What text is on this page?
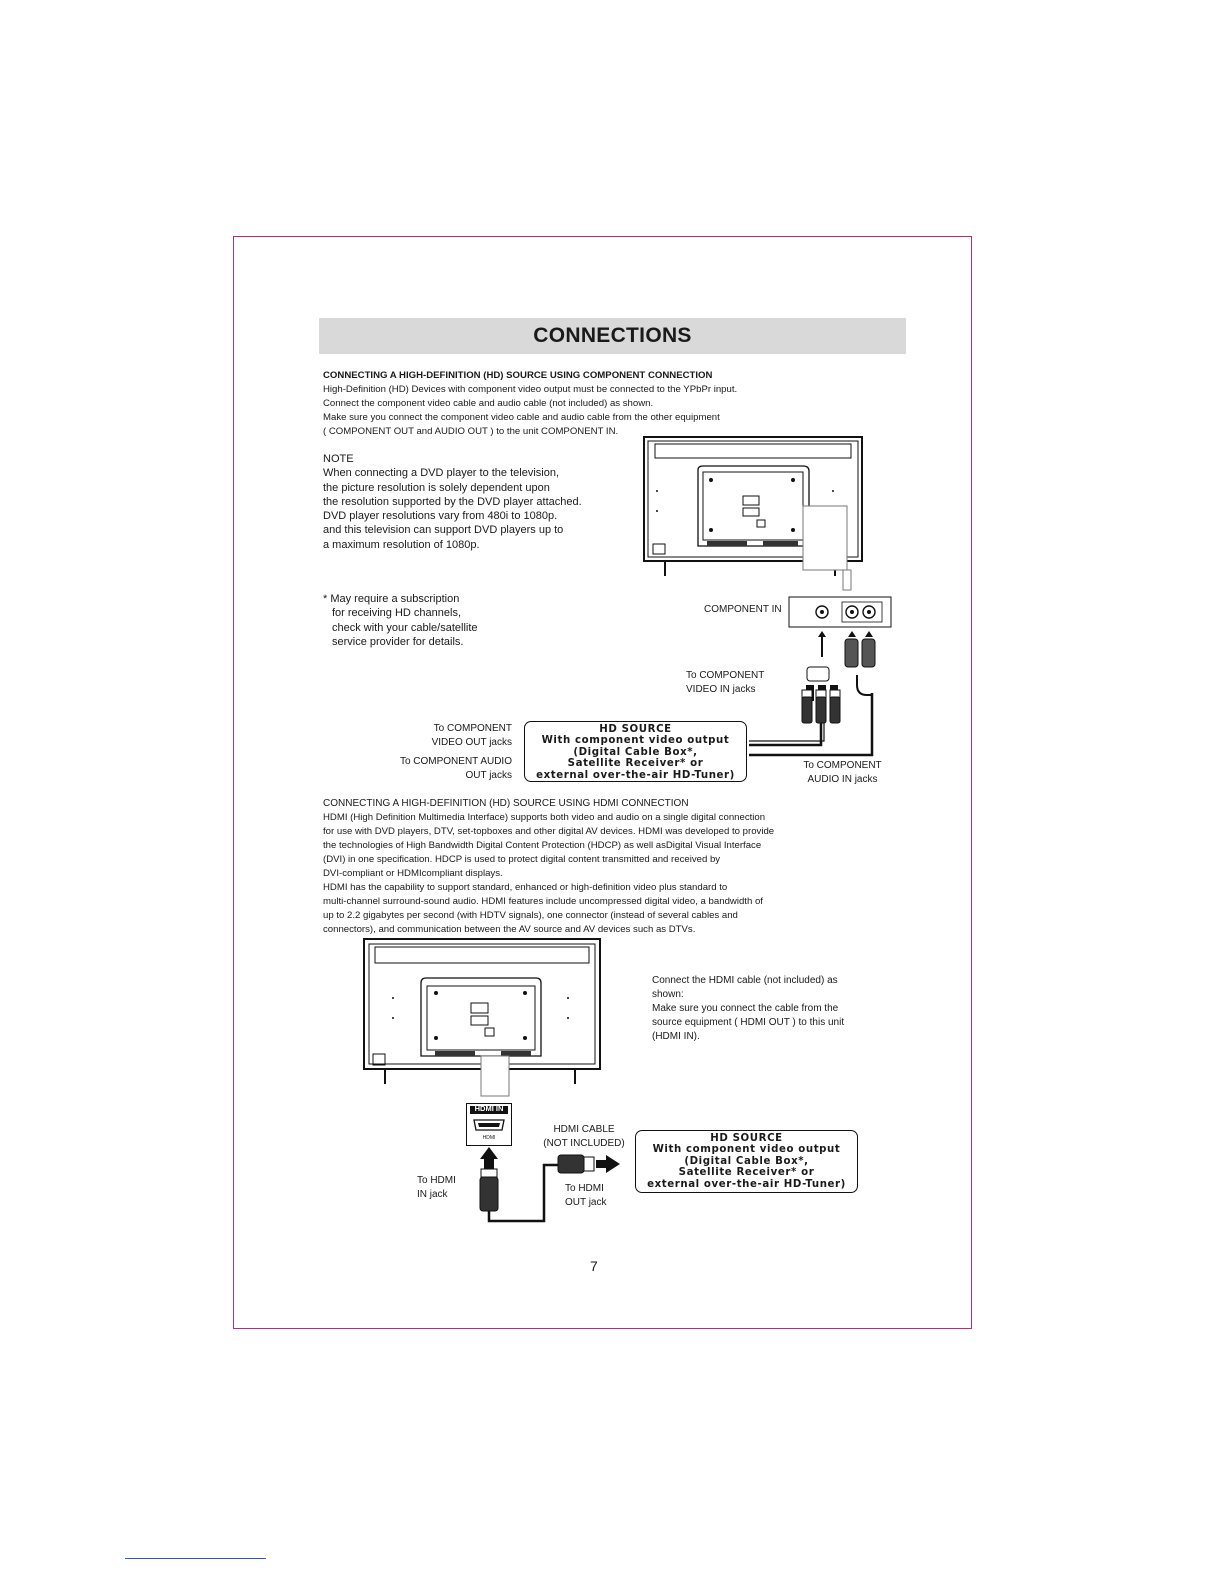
CONNECTIONS

CONNECTING A HIGH-DEFINITION (HD) SOURCE USING COMPONENT CONNECTION

High-Definition (HD) Devices with component video output must be connected to the YPbPr input.

Connect the component video cable and audio cable (not included) as shown.

Make sure you connect the component video cable and audio cable from the other equipment

( COMPONENT OUT and AUDIO OUT ) to the unit COMPONENT IN.

NOTE

When connecting a DVD player to the television,

the picture resolution is solely dependent upon

the resolution supported by the DVD player attached.

DVD player resolutions vary from 480i to 1080p.

and this television can support DVD players up to

a maximum resolution of 1080p.

* May require a subscription

for receiving HD channels,

check with your cable/satellite

service provider for details.

COMPONENT IN

To COMPONENT

VIDEO IN jacks

To COMPONENT

VIDEO OUT jacks

To COMPONENT AUDIO

OUT jacks

HD SOURCE

With component video output

(Digital Cable Box*,

Satellite Receiver* or

external over-the-air HD-Tuner)

To COMPONENT

AUDIO IN jacks

CONNECTING A HIGH-DEFINITION (HD) SOURCE USING HDMI CONNECTION

HDMI (High Definition Multimedia Interface) supports both video and audio on a single digital connection

for use with DVD players, DTV, set-topboxes and other digital AV devices. HDMI was developed to provide

the technologies of High Bandwidth Digital Content Protection (HDCP) as well asDigital Visual Interface

(DVI) in one specification. HDCP is used to protect digital content transmitted and received by

DVI-compliant or HDMIcompliant displays.

HDMI has the capability to support standard, enhanced or high-definition video plus standard to

multi-channel surround-sound audio. HDMI features include uncompressed digital video, a bandwidth of

up to 2.2 gigabytes per second (with HDTV signals), one connector (instead of several cables and

connectors), and communication between the AV source and AV devices such as DTVs.

Connect the HDMI cable (not included) as

shown:

Make sure you connect the cable from the

source equipment ( HDMI OUT ) to this unit

(HDMI IN).

HDMI IN
HDMI

HDMI CABLE

(NOT INCLUDED)

To HDMI

IN jack

To HDMI

OUT jack

HD SOURCE

With component video output

(Digital Cable Box*,

Satellite Receiver* or

external over-the-air HD-Tuner)

7
